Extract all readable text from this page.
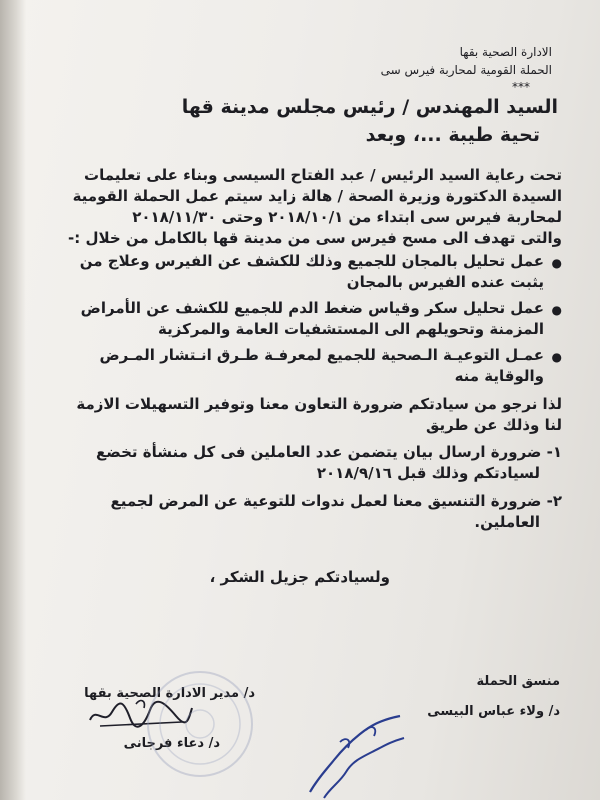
الادارة الصحية بقها
الحملة القومية لمحاربة فيرس سى
***
السيد المهندس / رئيس مجلس مدينة قها
تحية طيبة ...، وبعد
تحت رعاية السيد الرئيس / عبد الفتاح السيسى وبناء على تعليمات
السيدة الدكتورة وزيرة الصحة / هالة زايد سيتم عمل الحملة القومية
لمحاربة فيرس سى ابتداء من ٢٠١٨/١٠/١ وحتى ٢٠١٨/١١/٣٠
والتى تهدف الى مسح فيرس سى من مدينة قها بالكامل من خلال :-
●
عمل تحليل بالمجان للجميع وذلك للكشف عن الفيرس وعلاج من
يثبت عنده الفيرس بالمجان
●
عمل تحليل سكر وقياس ضغط الدم للجميع للكشف عن الأمراض
المزمنة وتحويلهم الى المستشفيات العامة والمركزية
●
عمـل التوعيـة الـصحية للجميع لمعرفـة طـرق انـتشار المـرض
والوقاية منه
لذا نرجو من سيادتكم ضرورة التعاون معنا وتوفير التسهيلات الازمة
لنا وذلك عن طريق
١- ضرورة ارسال بيان يتضمن عدد العاملين فى كل منشأة تخضع
لسيادتكم وذلك قبل ٢٠١٨/٩/١٦
٢- ضرورة التنسيق معنا لعمل ندوات للتوعية عن المرض لجميع
العاملين.
ولسيادتكم جزيل الشكر ،
منسق الحملة
د/ ولاء عباس البيسى
د/ مدير الادارة الصحية بقها
د/ دعاء فرجانى
